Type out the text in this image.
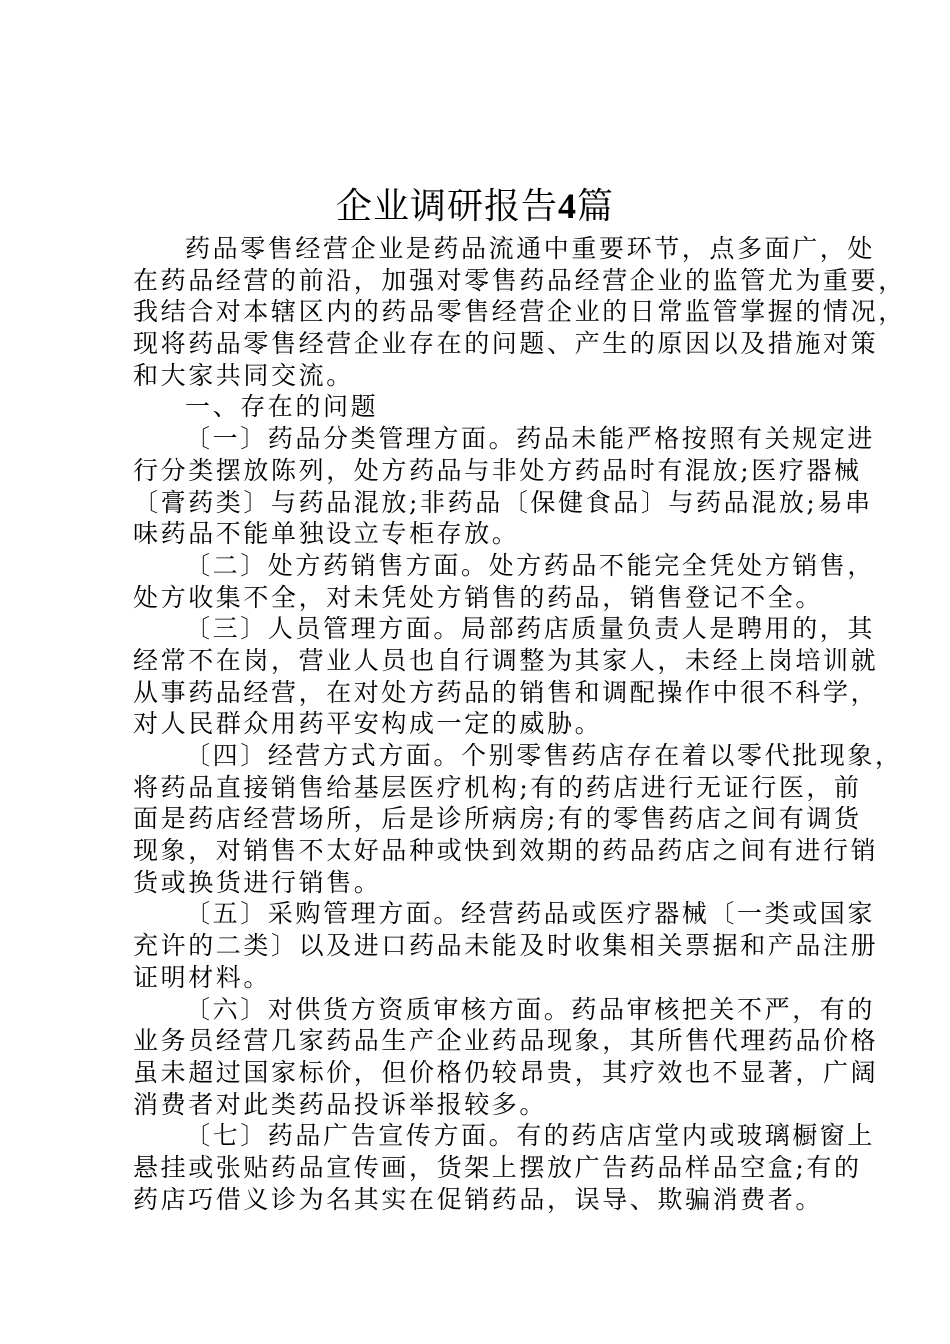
企业调研报告4篇
药品零售经营企业是药品流通中重要环节，点多面广，处
在药品经营的前沿，加强对零售药品经营企业的监管尤为重要，
我结合对本辖区内的药品零售经营企业的日常监管掌握的情况，
现将药品零售经营企业存在的问题、产生的原因以及措施对策
和大家共同交流。
一、存在的问题
〔一〕药品分类管理方面。药品未能严格按照有关规定进
行分类摆放陈列，处方药品与非处方药品时有混放;医疗器械
〔膏药类〕与药品混放;非药品〔保健食品〕与药品混放;易串
味药品不能单独设立专柜存放。
〔二〕处方药销售方面。处方药品不能完全凭处方销售，
处方收集不全，对未凭处方销售的药品，销售登记不全。
〔三〕人员管理方面。局部药店质量负责人是聘用的，其
经常不在岗，营业人员也自行调整为其家人，未经上岗培训就
从事药品经营，在对处方药品的销售和调配操作中很不科学，
对人民群众用药平安构成一定的威胁。
〔四〕经营方式方面。个别零售药店存在着以零代批现象，
将药品直接销售给基层医疗机构;有的药店进行无证行医，前
面是药店经营场所，后是诊所病房;有的零售药店之间有调货
现象，对销售不太好品种或快到效期的药品药店之间有进行销
货或换货进行销售。
〔五〕采购管理方面。经营药品或医疗器械〔一类或国家
充许的二类〕以及进口药品未能及时收集相关票据和产品注册
证明材料。
〔六〕对供货方资质审核方面。药品审核把关不严，有的
业务员经营几家药品生产企业药品现象，其所售代理药品价格
虽未超过国家标价，但价格仍较昂贵，其疗效也不显著，广阔
消费者对此类药品投诉举报较多。
〔七〕药品广告宣传方面。有的药店店堂内或玻璃橱窗上
悬挂或张贴药品宣传画，货架上摆放广告药品样品空盒;有的
药店巧借义诊为名其实在促销药品，误导、欺骗消费者。
